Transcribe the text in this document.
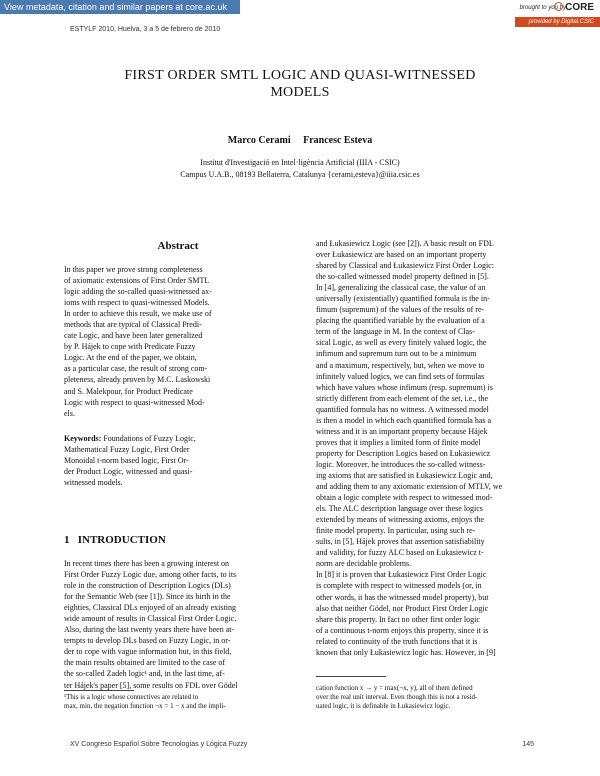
View metadata, citation and similar papers at core.ac.uk	brought to you by CORE
provided by Digital.CSIC
ESTYLF 2010, Huelva, 3 a 5 de febrero de 2010
FIRST ORDER SMTL LOGIC AND QUASI-WITNESSED
MODELS
Marco Cerami     Francesc Esteva
Institut d'Investigació en Intel·ligència Artificial (IIIA - CSIC)
Campus U.A.B., 08193 Bellaterra, Catalunya {cerami,esteva}@iiia.csic.es
Abstract
In this paper we prove strong completeness
of axiomatic extensions of First Order SMTL
logic adding the so-called quasi-witnessed ax-
ioms with respect to quasi-witnessed Models.
In order to achieve this result, we make use of
methods that are typical of Classical Predi-
cate Logic, and have been later generalized
by P. Hájek to cope with Predicate Fuzzy
Logic. At the end of the paper, we obtain,
as a particular case, the result of strong com-
pleteness, already proven by M.C. Laskowski
and S. Malekpour, for Product Predicate
Logic with respect to quasi-witnessed Mod-
els.
Keywords: Foundations of Fuzzy Logic,
Mathematical Fuzzy Logic, First Order
Monoidal t-norm based logic, First Or-
der Product Logic, witnessed and quasi-
witnessed models.
1   INTRODUCTION
In recent times there has been a growing interest on
First Order Fuzzy Logic due, among other facts, to its
role in the construction of Description Logics (DLs)
for the Semantic Web (see [1]). Since its birth in the
eighties, Classical DLs enjoyed of an already existing
wide amount of results in Classical First Order Logic.
Also, during the last twenty years there have been at-
tempts to develop DLs based on Fuzzy Logic, in or-
der to cope with vague information but, in this field,
the main results obtained are limited to the case of
the so-called Zadeh logic¹ and, in the last time, af-
ter Hájek's paper [5], some results on FDL over Gödel
¹This is a logic whose connectives are related to
max, min, the negation function ¬x = 1 − x and the impli-
and Łukasiewicz Logic (see [2]). A basic result on FDL
over Łukasiewicz are based on an important property
shared by Classical and Łukasiewicz First Order Logic:
the so-called witnessed model property defined in [5].
In [4], generalizing the classical case, the value of an
universally (existentially) quantified formula is the in-
fimum (supremum) of the values of the results of re-
placing the quantified variable by the evaluation of a
term of the language in M. In the context of Clas-
sical Logic, as well as every finitely valued logic, the
infimum and supremum turn out to be a minimum
and a maximum, respectively, but, when we move to
infinitely valued logics, we can find sets of formulas
which have values whose infimum (resp. supremum) is
strictly different from each element of the set, i.e., the
quantified formula has no witness. A witnessed model
is then a model in which each quantified formula has a
witness and it is an important property because Hájek
proves that it implies a limited form of finite model
property for Description Logics based on Łukasiewicz
logic. Moreover, he introduces the so-called witness-
ing axioms that are satisfied in Łukasiewicz Logic and,
and adding them to any axiomatic extension of MTLV, we
obtain a logic complete with respect to witnessed mod-
els. The ALC description language over these logics
extended by means of witnessing axioms, enjoys the
finite model property. In particular, using such re-
sults, in [5], Hájek proves that assertion satisfiability
and validity, for fuzzy ALC based on Łukasiewicz t-
norm are decidable problems.
In [8] it is proven that Łukasiewicz First Order Logic
is complete with respect to witnessed models (or, in
other words, it has the witnessed model property), but
also that neither Gödel, nor Product First Order Logic
share this property. In fact no other first order logic
of a continuous t-norm enjoys this property, since it is
related to continuity of the truth functions that it is
known that only Łukasiewicz logic has. However, in [9]
cation function x → y = max(¬x, y), all of them defined
over the real unit interval. Even though this is not a resid-
uated logic, it is definable in Łukasiewicz logic.
XV Congreso Español Sobre Tecnologías y Lógica Fuzzy	145
